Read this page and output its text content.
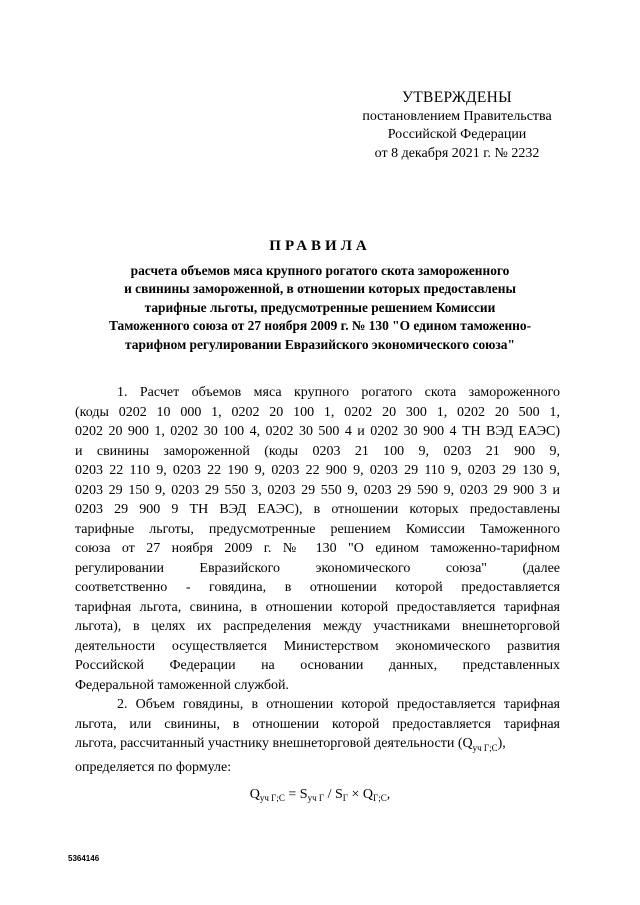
УТВЕРЖДЕНЫ
постановлением Правительства
Российской Федерации
от 8 декабря 2021 г. № 2232
ПРАВИЛА
расчета объемов мяса крупного рогатого скота замороженного
и свинины замороженной, в отношении которых предоставлены
тарифные льготы, предусмотренные решением Комиссии
Таможенного союза от 27 ноября 2009 г. № 130 "О едином таможенно-
тарифном регулировании Евразийского экономического союза"
1. Расчет объемов мяса крупного рогатого скота замороженного
(коды 0202 10 000 1, 0202 20 100 1, 0202 20 300 1, 0202 20 500 1,
0202 20 900 1, 0202 30 100 4, 0202 30 500 4 и 0202 30 900 4 ТН ВЭД ЕАЭС)
и свинины замороженной (коды 0203 21 100 9, 0203 21 900 9,
0203 22 110 9, 0203 22 190 9, 0203 22 900 9, 0203 29 110 9, 0203 29 130 9,
0203 29 150 9, 0203 29 550 3, 0203 29 550 9, 0203 29 590 9, 0203 29 900 3 и
0203 29 900 9 ТН ВЭД ЕАЭС), в отношении которых предоставлены
тарифные льготы, предусмотренные решением Комиссии Таможенного
союза от 27 ноября 2009 г. № 130 "О едином таможенно-тарифном
регулировании Евразийского экономического союза" (далее
соответственно - говядина, в отношении которой предоставляется
тарифная льгота, свинина, в отношении которой предоставляется тарифная
льгота), в целях их распределения между участниками внешнеторговой
деятельности осуществляется Министерством экономического развития
Российской Федерации на основании данных, представленных
Федеральной таможенной службой.
2. Объем говядины, в отношении которой предоставляется тарифная
льгота, или свинины, в отношении которой предоставляется тарифная
льгота, рассчитанный участнику внешнеторговой деятельности $(Q_{уч Г;С})$,
определяется по формуле:
$Q_{уч Г;С} = S_{уч Г} / S_Г \times Q_{Г;С}$,
5364146
